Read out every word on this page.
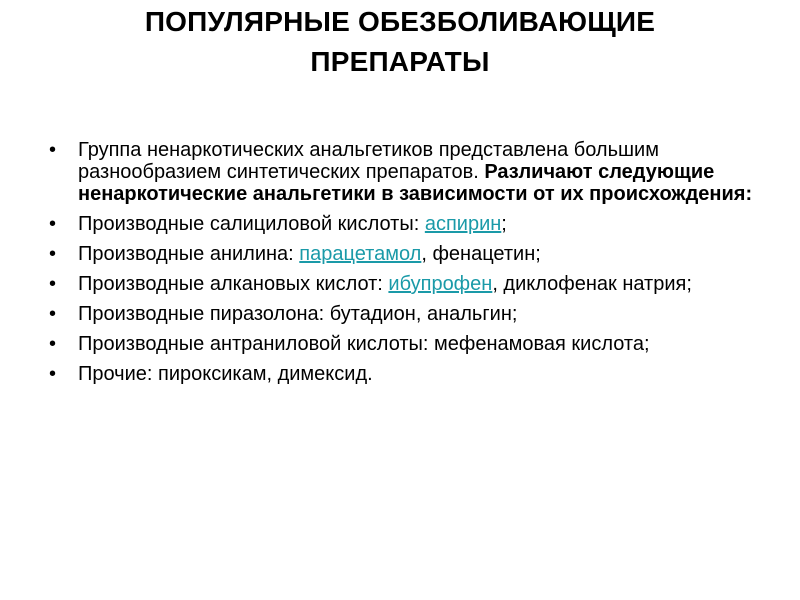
ПОПУЛЯРНЫЕ ОБЕЗБОЛИВАЮЩИЕ
ПРЕПАРАТЫ
• Группа ненаркотических анальгетиков представлена большим разнообразием синтетических препаратов. Различают следующие ненаркотические анальгетики в зависимости от их происхождения:
• Производные салициловой кислоты: аспирин;
• Производные анилина: парацетамол, фенацетин;
• Производные алкановых кислот: ибупрофен, диклофенак натрия;
• Производные пиразолона: бутадион, анальгин;
• Производные антраниловой кислоты: мефенамовая кислота;
• Прочие: пироксикам, димексид.
